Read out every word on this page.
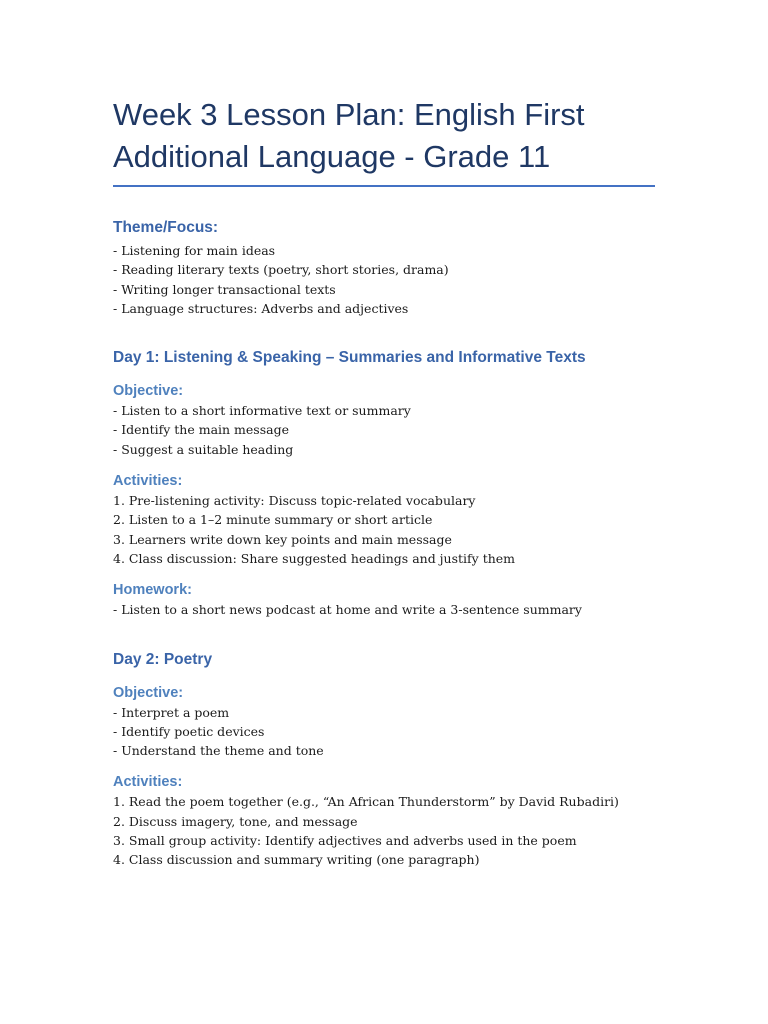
Week 3 Lesson Plan: English First Additional Language - Grade 11
Theme/Focus:
- Listening for main ideas
- Reading literary texts (poetry, short stories, drama)
- Writing longer transactional texts
- Language structures: Adverbs and adjectives
Day 1: Listening & Speaking – Summaries and Informative Texts
Objective:
- Listen to a short informative text or summary
- Identify the main message
- Suggest a suitable heading
Activities:
1. Pre-listening activity: Discuss topic-related vocabulary
2. Listen to a 1–2 minute summary or short article
3. Learners write down key points and main message
4. Class discussion: Share suggested headings and justify them
Homework:
- Listen to a short news podcast at home and write a 3-sentence summary
Day 2: Poetry
Objective:
- Interpret a poem
- Identify poetic devices
- Understand the theme and tone
Activities:
1. Read the poem together (e.g., “An African Thunderstorm” by David Rubadiri)
2. Discuss imagery, tone, and message
3. Small group activity: Identify adjectives and adverbs used in the poem
4. Class discussion and summary writing (one paragraph)
